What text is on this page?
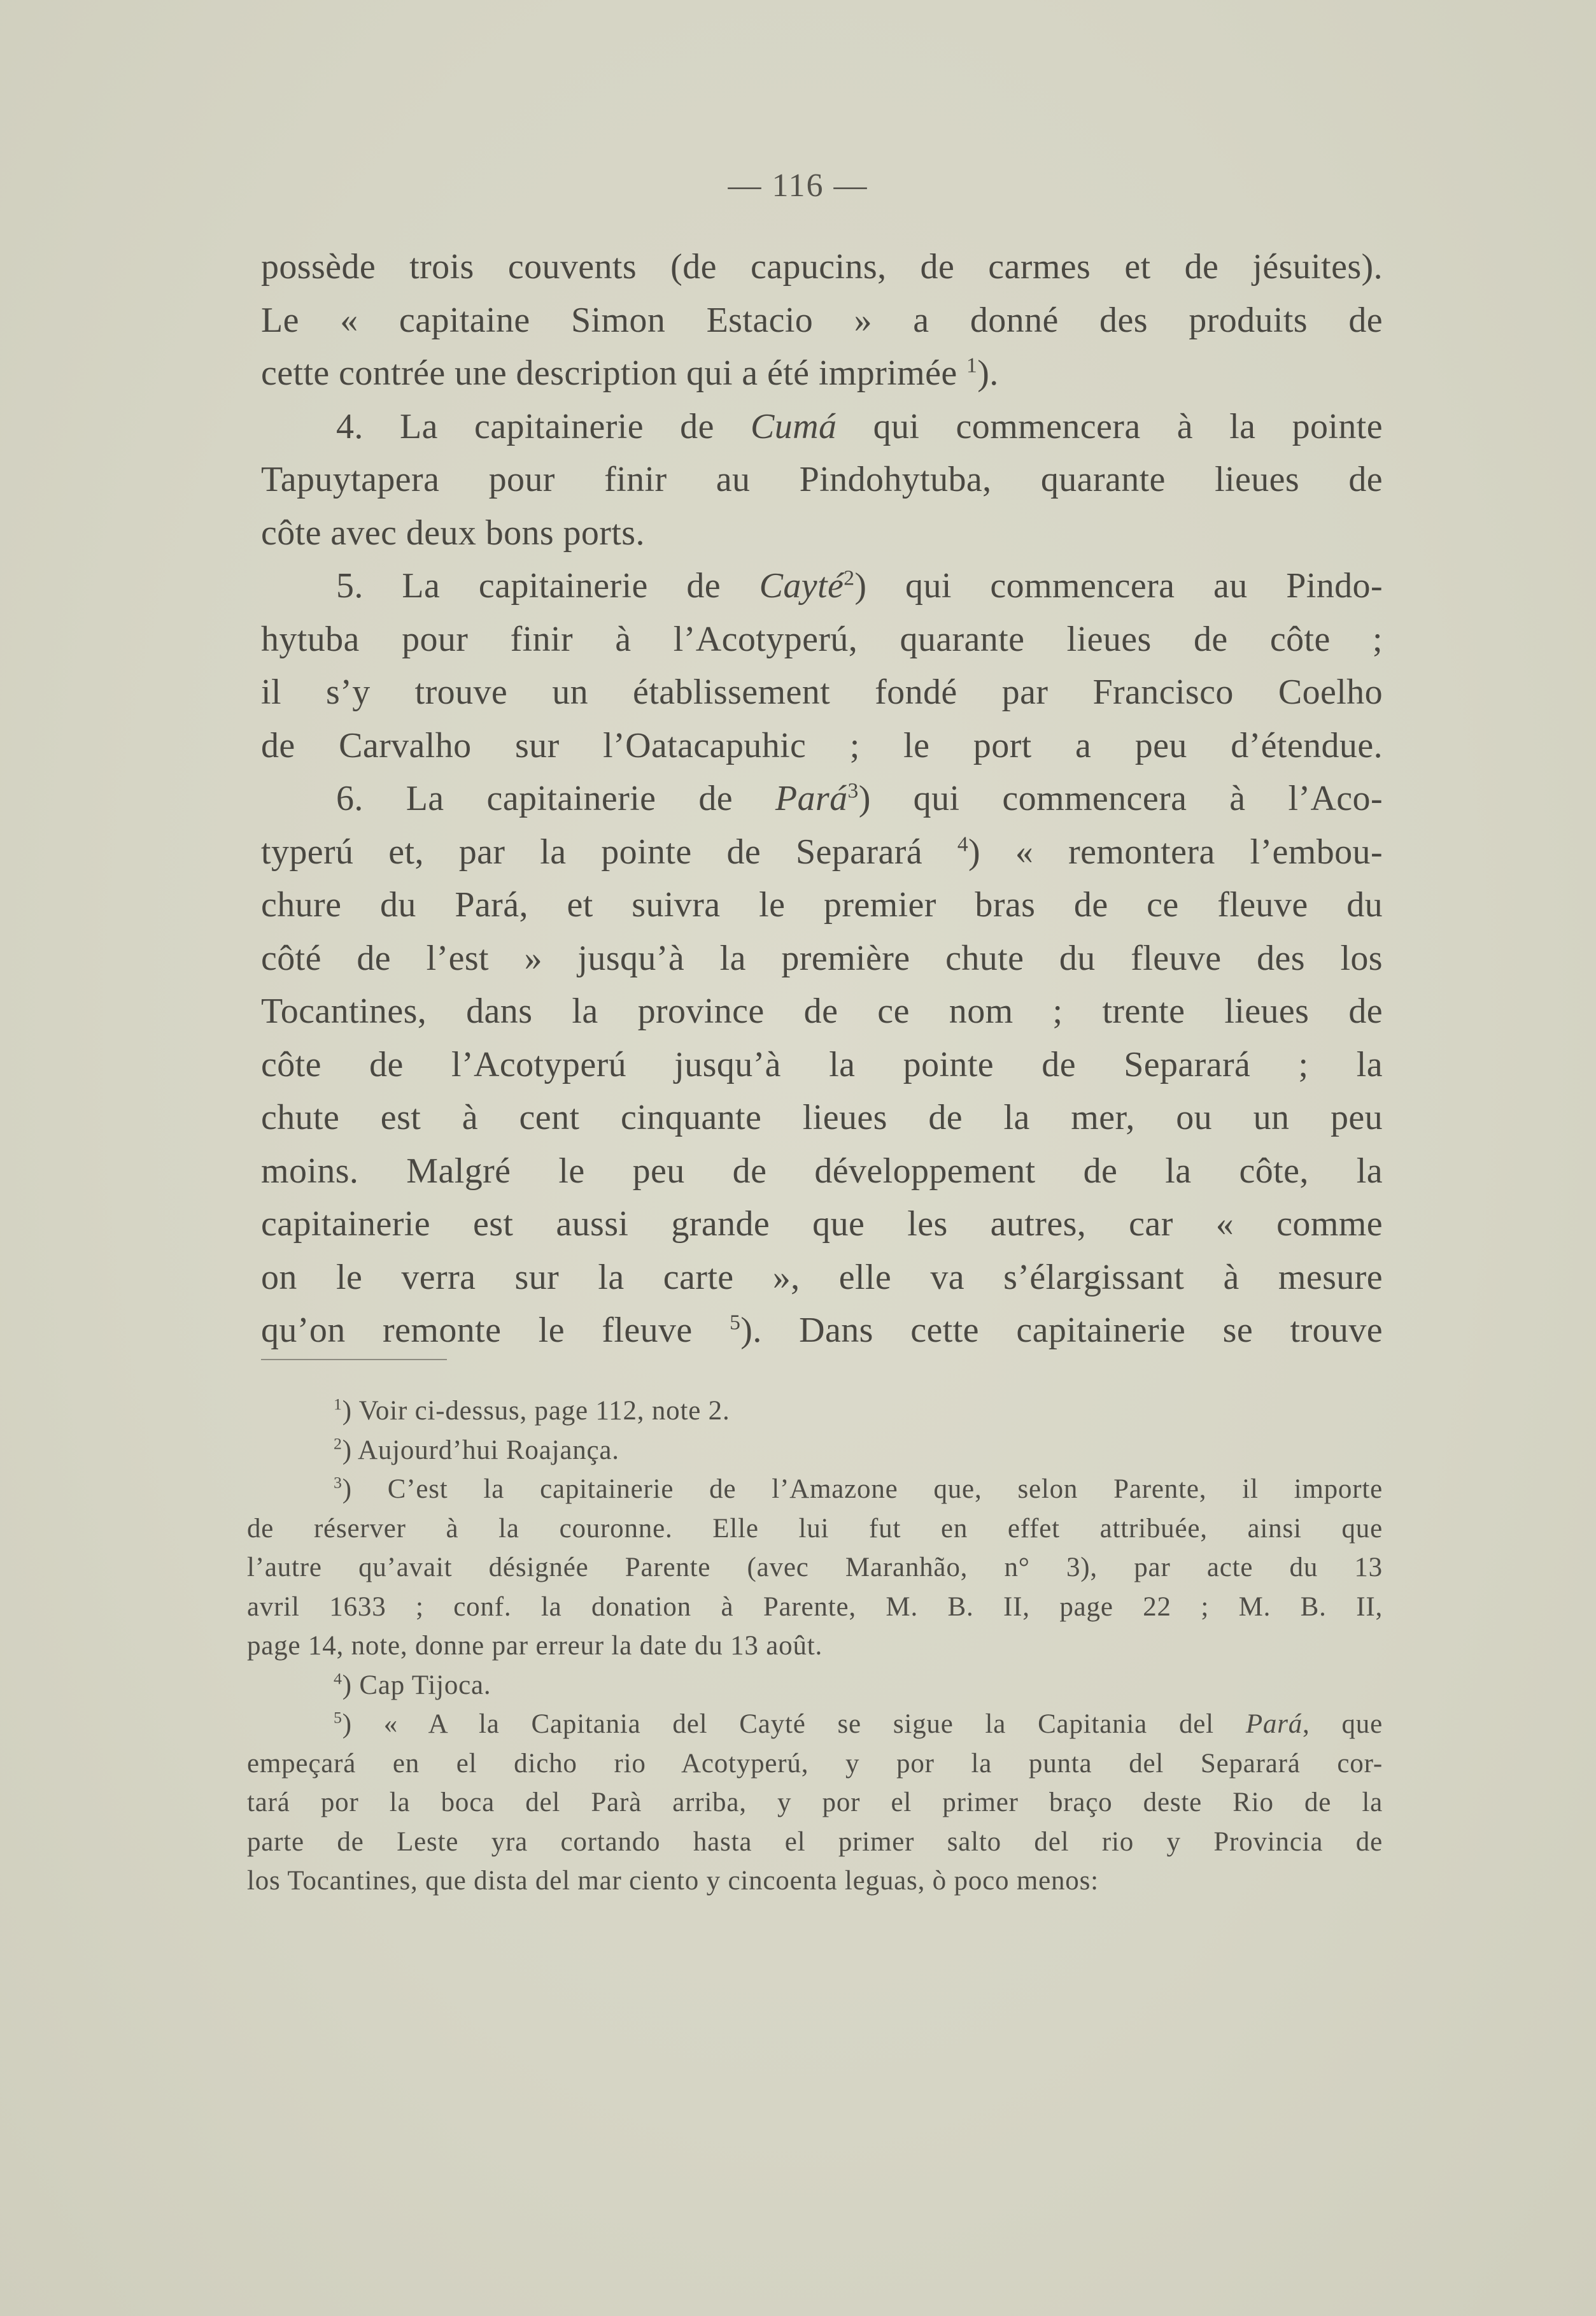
— 116 —
possède trois couvents (de capucins, de carmes et de jésuites).
Le « capitaine Simon Estacio » a donné des produits de
cette contrée une description qui a été imprimée $^1$).
4. La capitainerie de Cumá qui commencera à la pointe
Tapuytapera pour finir au Pindohytuba, quarante lieues de
côte avec deux bons ports.
5. La capitainerie de Cayté$^2$) qui commencera au Pindo-
hytuba pour finir à l’Acotyperú, quarante lieues de côte ;
il s’y trouve un établissement fondé par Francisco Coelho
de Carvalho sur l’Oatacapuhic ; le port a peu d’étendue.
6. La capitainerie de Pará$^3$) qui commencera à l’Aco-
typerú et, par la pointe de Separará $^4$) « remontera l’embou-
chure du Pará, et suivra le premier bras de ce fleuve du
côté de l’est » jusqu’à la première chute du fleuve des los
Tocantines, dans la province de ce nom ; trente lieues de
côte de l’Acotyperú jusqu’à la pointe de Separará ; la
chute est à cent cinquante lieues de la mer, ou un peu
moins. Malgré le peu de développement de la côte, la
capitainerie est aussi grande que les autres, car « comme
on le verra sur la carte », elle va s’élargissant à mesure
qu’on remonte le fleuve $^5$). Dans cette capitainerie se trouve
$^1$) Voir ci-dessus, page 112, note 2.
$^2$) Aujourd’hui Roajança.
$^3$) C’est la capitainerie de l’Amazone que, selon Parente, il importe
de réserver à la couronne. Elle lui fut en effet attribuée, ainsi que
l’autre qu’avait désignée Parente (avec Maranhão, n° 3), par acte du 13
avril 1633 ; conf. la donation à Parente, M. B. II, page 22 ; M. B. II,
page 14, note, donne par erreur la date du 13 août.
$^4$) Cap Tijoca.
$^5$) « A la Capitania del Cayté se sigue la Capitania del Pará, que
empeçará en el dicho rio Acotyperú, y por la punta del Separará cor-
tará por la boca del Parà arriba, y por el primer braço deste Rio de la
parte de Leste yra cortando hasta el primer salto del rio y Provincia de
los Tocantines, que dista del mar ciento y cincoenta leguas, ò poco menos:
